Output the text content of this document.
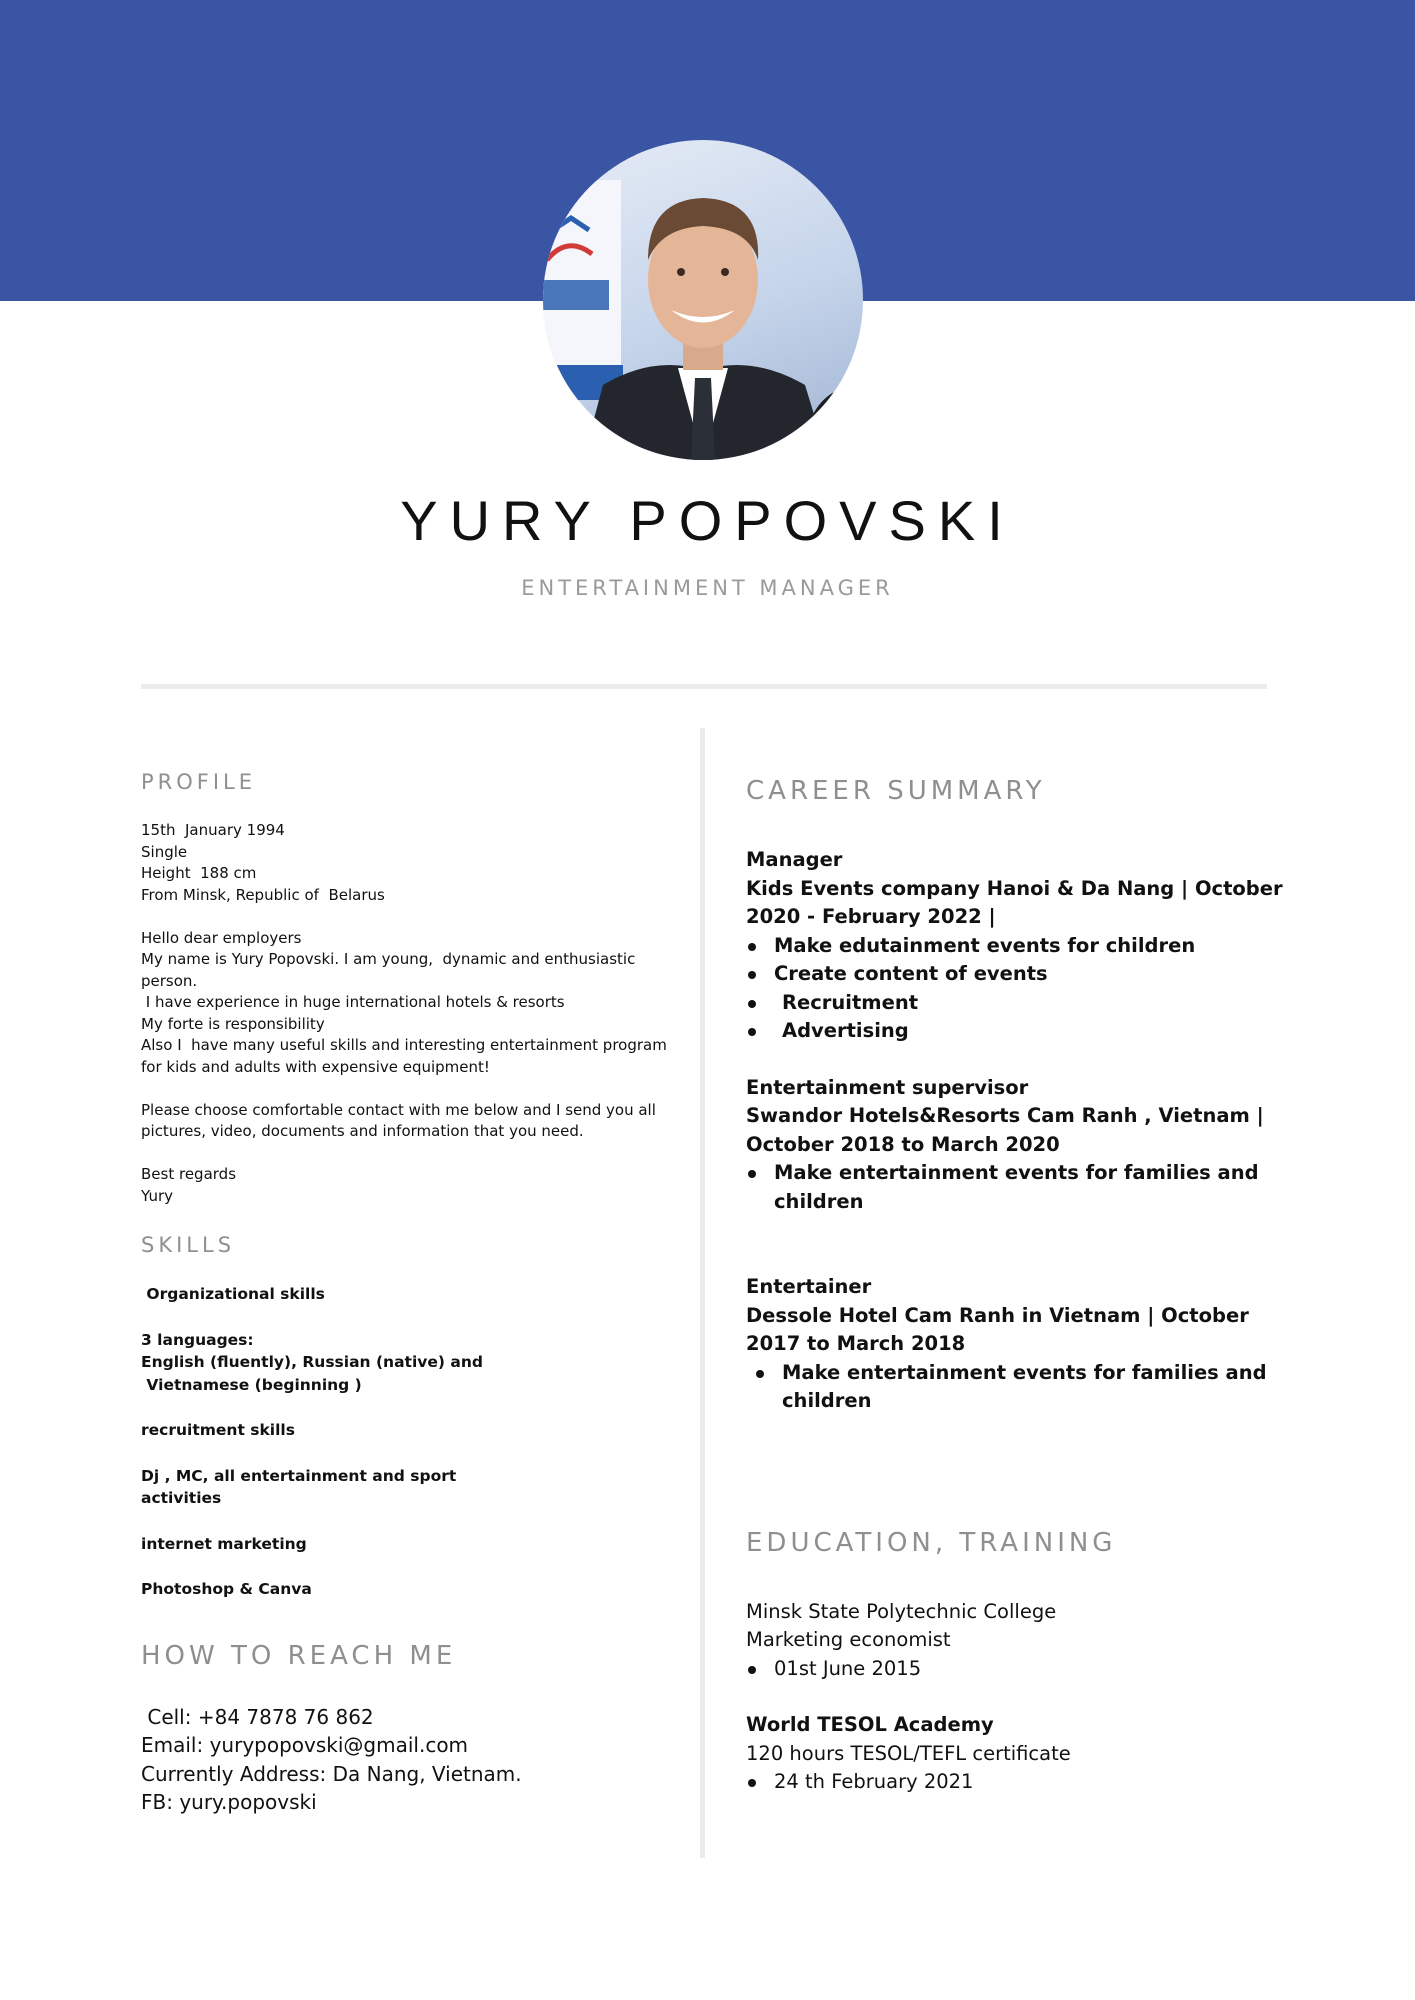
YURY POPOVSKI
ENTERTAINMENT MANAGER
PROFILE

15th  January 1994

Single

Height  188 cm

From Minsk, Republic of  Belarus

Hello dear employers

My name is Yury Popovski. I am young,  dynamic and enthusiastic person.

I have experience in huge international hotels & resorts

My forte is responsibility

Also I  have many useful skills and interesting entertainment program for kids and adults with expensive equipment!

Please choose comfortable contact with me below and I send you all pictures, video, documents and information that you need.

Best regards

Yury

SKILLS

Organizational skills

3 languages:
English (fluently), Russian (native) and
Vietnamese (beginning )

recruitment skills

Dj , MC, all entertainment and sport
activities

internet marketing

Photoshop & Canva

HOW TO REACH ME

Cell: +84 7878 76 862

Email: yurypopovski@gmail.com

Currently Address: Da Nang, Vietnam.

FB: yury.popovski

CAREER SUMMARY

Manager

Kids Events company Hanoi & Da Nang | October 2020 - February 2022 |

Make edutainment events for children
Create content of events
Recruitment
Advertising

Entertainment supervisor

Swandor Hotels&Resorts Cam Ranh , Vietnam | October 2018 to March 2020

Make entertainment events for families and children

Entertainer

Dessole Hotel Cam Ranh in Vietnam | October 2017 to March 2018

Make entertainment events for families and children
EDUCATION, TRAINING

Minsk State Polytechnic College

Marketing economist

01st June 2015

World TESOL Academy

120 hours TESOL/TEFL certificate

24 th February 2021
